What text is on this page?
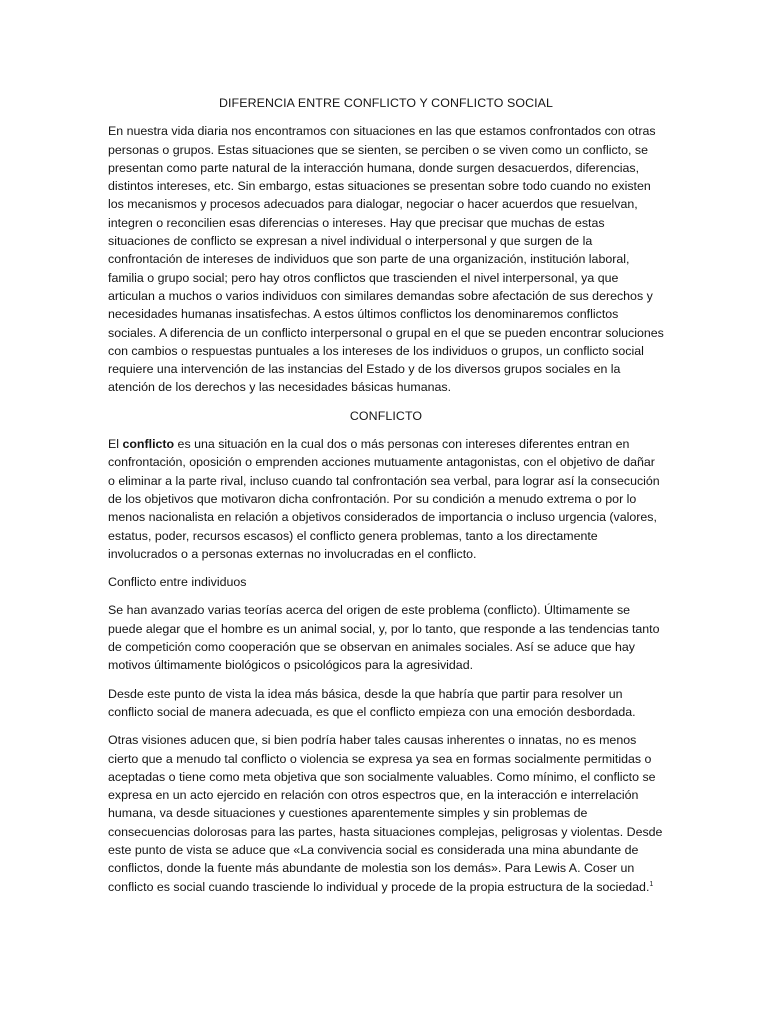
DIFERENCIA ENTRE CONFLICTO Y CONFLICTO SOCIAL

En nuestra vida diaria nos encontramos con situaciones en las que estamos confrontados con otras personas o grupos. Estas situaciones que se sienten, se perciben o se viven como un conflicto, se presentan como parte natural de la interacción humana, donde surgen desacuerdos, diferencias, distintos intereses, etc. Sin embargo, estas situaciones se presentan sobre todo cuando no existen los mecanismos y procesos adecuados para dialogar, negociar o hacer acuerdos que resuelvan, integren o reconcilien esas diferencias o intereses. Hay que precisar que muchas de estas situaciones de conflicto se expresan a nivel individual o interpersonal y que surgen de la confrontación de intereses de individuos que son parte de una organización, institución laboral, familia o grupo social; pero hay otros conflictos que trascienden el nivel interpersonal, ya que articulan a muchos o varios individuos con similares demandas sobre afectación de sus derechos y necesidades humanas insatisfechas. A estos últimos conflictos los denominaremos conflictos sociales. A diferencia de un conflicto interpersonal o grupal en el que se pueden encontrar soluciones con cambios o respuestas puntuales a los intereses de los individuos o grupos, un conflicto social requiere una intervención de las instancias del Estado y de los diversos grupos sociales en la atención de los derechos y las necesidades básicas humanas.

CONFLICTO

El conflicto es una situación en la cual dos o más personas con intereses diferentes entran en confrontación, oposición o emprenden acciones mutuamente antagonistas, con el objetivo de dañar o eliminar a la parte rival, incluso cuando tal confrontación sea verbal, para lograr así la consecución de los objetivos que motivaron dicha confrontación. Por su condición a menudo extrema o por lo menos nacionalista en relación a objetivos considerados de importancia o incluso urgencia (valores, estatus, poder, recursos escasos) el conflicto genera problemas, tanto a los directamente involucrados o a personas externas no involucradas en el conflicto.

Conflicto entre individuos

Se han avanzado varias teorías acerca del origen de este problema (conflicto). Últimamente se puede alegar que el hombre es un animal social, y, por lo tanto, que responde a las tendencias tanto de competición como cooperación que se observan en animales sociales. Así se aduce que hay motivos últimamente biológicos o psicológicos para la agresividad.

Desde este punto de vista la idea más básica, desde la que habría que partir para resolver un conflicto social de manera adecuada, es que el conflicto empieza con una emoción desbordada.

Otras visiones aducen que, si bien podría haber tales causas inherentes o innatas, no es menos cierto que a menudo tal conflicto o violencia se expresa ya sea en formas socialmente permitidas o aceptadas o tiene como meta objetiva que son socialmente valuables. Como mínimo, el conflicto se expresa en un acto ejercido en relación con otros espectros que, en la interacción e interrelación humana, va desde situaciones y cuestiones aparentemente simples y sin problemas de consecuencias dolorosas para las partes, hasta situaciones complejas, peligrosas y violentas. Desde este punto de vista se aduce que «La convivencia social es considerada una mina abundante de conflictos, donde la fuente más abundante de molestia son los demás». Para Lewis A. Coser un conflicto es social cuando trasciende lo individual y procede de la propia estructura de la sociedad.$^1$
